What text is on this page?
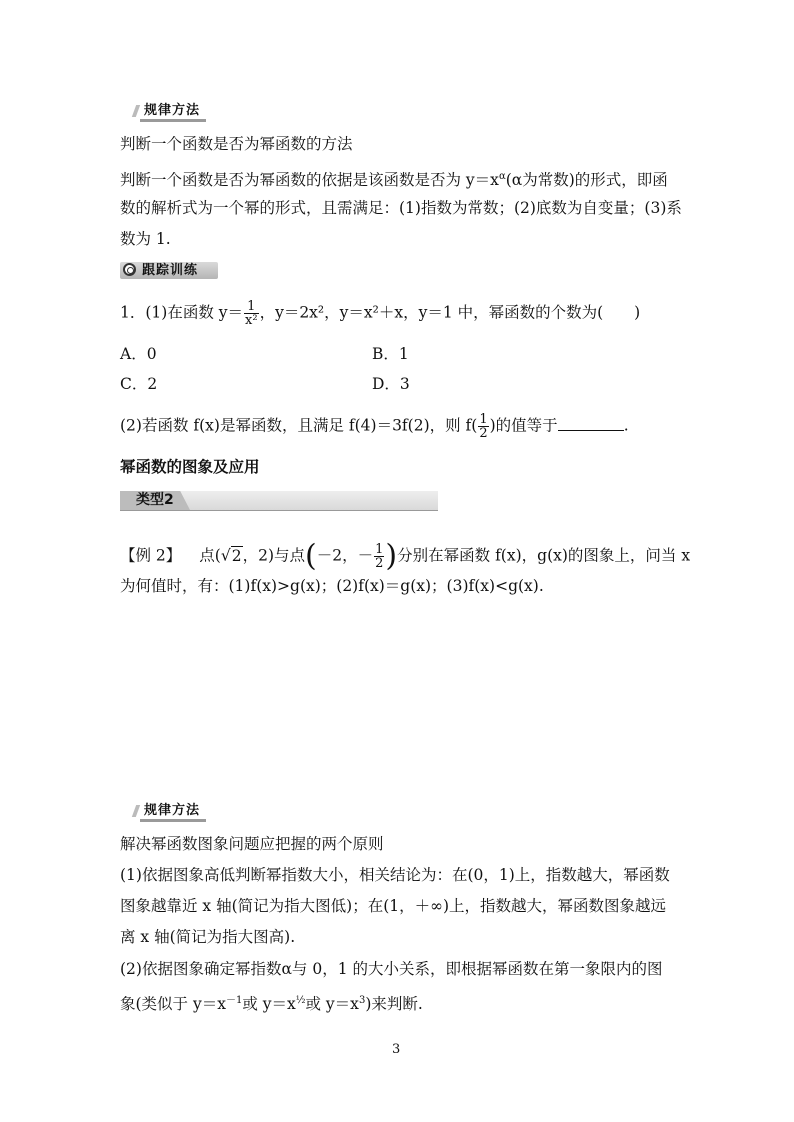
规律方法
判断一个函数是否为幂函数的方法
判断一个函数是否为幂函数的依据是该函数是否为 $y=x^\alpha(\alpha$为常数)的形式，即函
数的解析式为一个幂的形式，且需满足：(1)指数为常数；(2)底数为自变量；(3)系
数为 1.
跟踪训练
1．(1)在函数 $y= \frac{1}{\text{x²}}$ ，y＝2x²，y＝x²＋x，y＝1 中，幂函数的个数为(　　)
A．0	B．1
C．2	D．3
(2)若函数 f(x)是幂函数，且满足 f(4)＝3f(2)，则 $f( \frac{1}{2}$ )的值等于	.
幂函数的图象及应用
类型2
【例 2】 点(√2，2)与点(－2，－ $\frac{1}{2}$ )分别在幂函数 f(x)，g(x)的图象上，问当 x
为何值时，有：(1)f(x)>g(x)；(2)f(x)＝g(x)；(3)f(x)<g(x).
规律方法
解决幂函数图象问题应把握的两个原则
(1)依据图象高低判断幂指数大小，相关结论为：在(0，1)上，指数越大，幂函数
图象越靠近 x 轴(简记为指大图低)；在(1，＋∞)上，指数越大，幂函数图象越远
离 x 轴(简记为指大图高).
(2)依据图象确定幂指数α与 0，1 的大小关系，即根据幂函数在第一象限内的图
象(类似于 $y=x^{-1}$或 $y=x^{\frac{1}{2}}$或 $y=x^3$)来判断.
3
